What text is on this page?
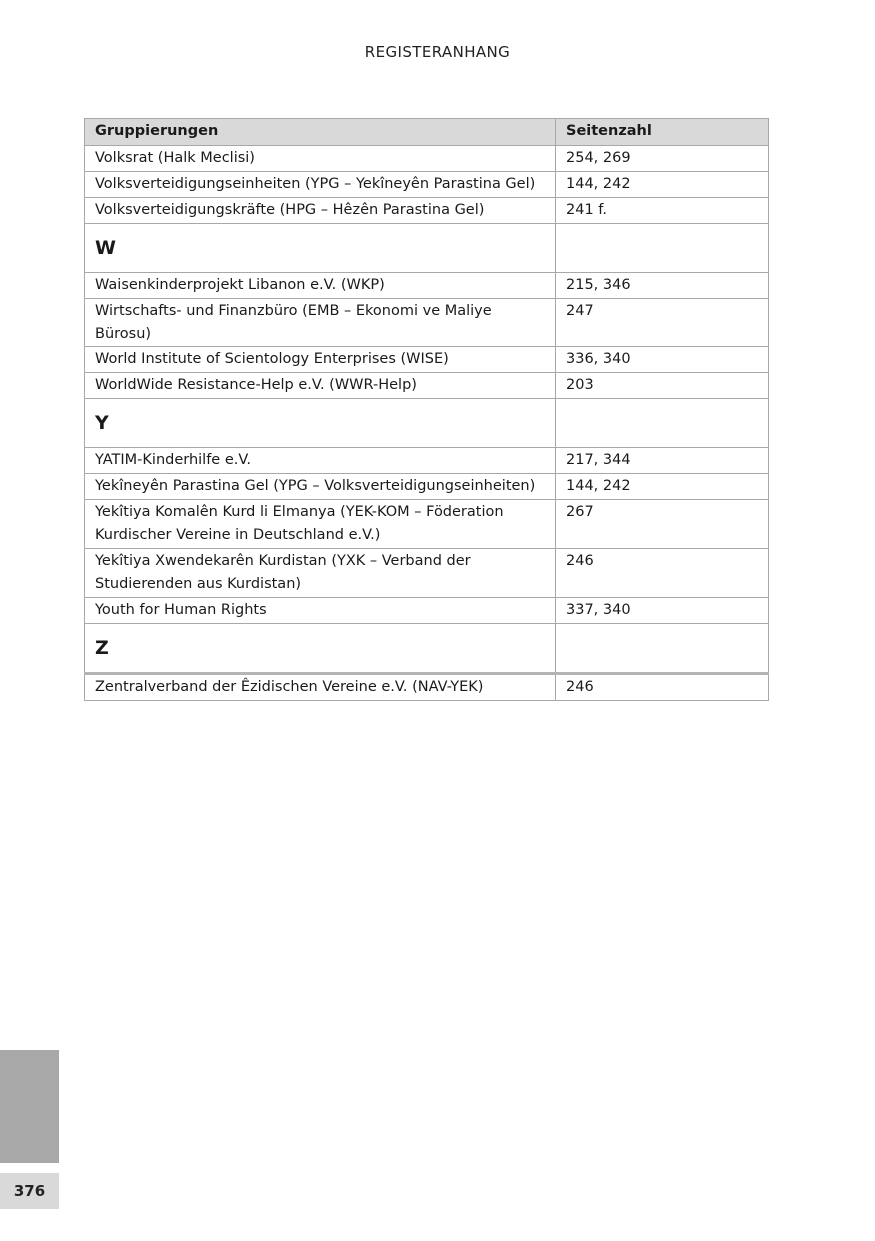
REGISTERANHANG
Gruppierungen	Seitenzahl
Volksrat (Halk Meclisi)	254, 269
Volksverteidigungseinheiten (YPG – Yekîneyên Parastina Gel)	144, 242
Volksverteidigungskräfte (HPG – Hêzên Parastina Gel)	241 f.
W	
Waisenkinderprojekt Libanon e.V. (WKP)	215, 346
Wirtschafts- und Finanzbüro (EMB – Ekonomi ve Maliye Bürosu)	247
World Institute of Scientology Enterprises (WISE)	336, 340
WorldWide Resistance-Help e.V. (WWR-Help)	203
Y	
YATIM-Kinderhilfe e.V.	217, 344
Yekîneyên Parastina Gel (YPG – Volksverteidigungseinheiten)	144, 242

Yekîtiya Komalên Kurd li Elmanya (YEK-KOM – Föderation
Kurdischer Vereine in Deutschland e.V.)	267

Yekîtiya Xwendekarên Kurdistan (YXK – Verband der
Studierenden aus Kurdistan)	246
Youth for Human Rights	337, 340
Z	
Zentralverband der Êzidischen Vereine e.V. (NAV-YEK)	246
376
